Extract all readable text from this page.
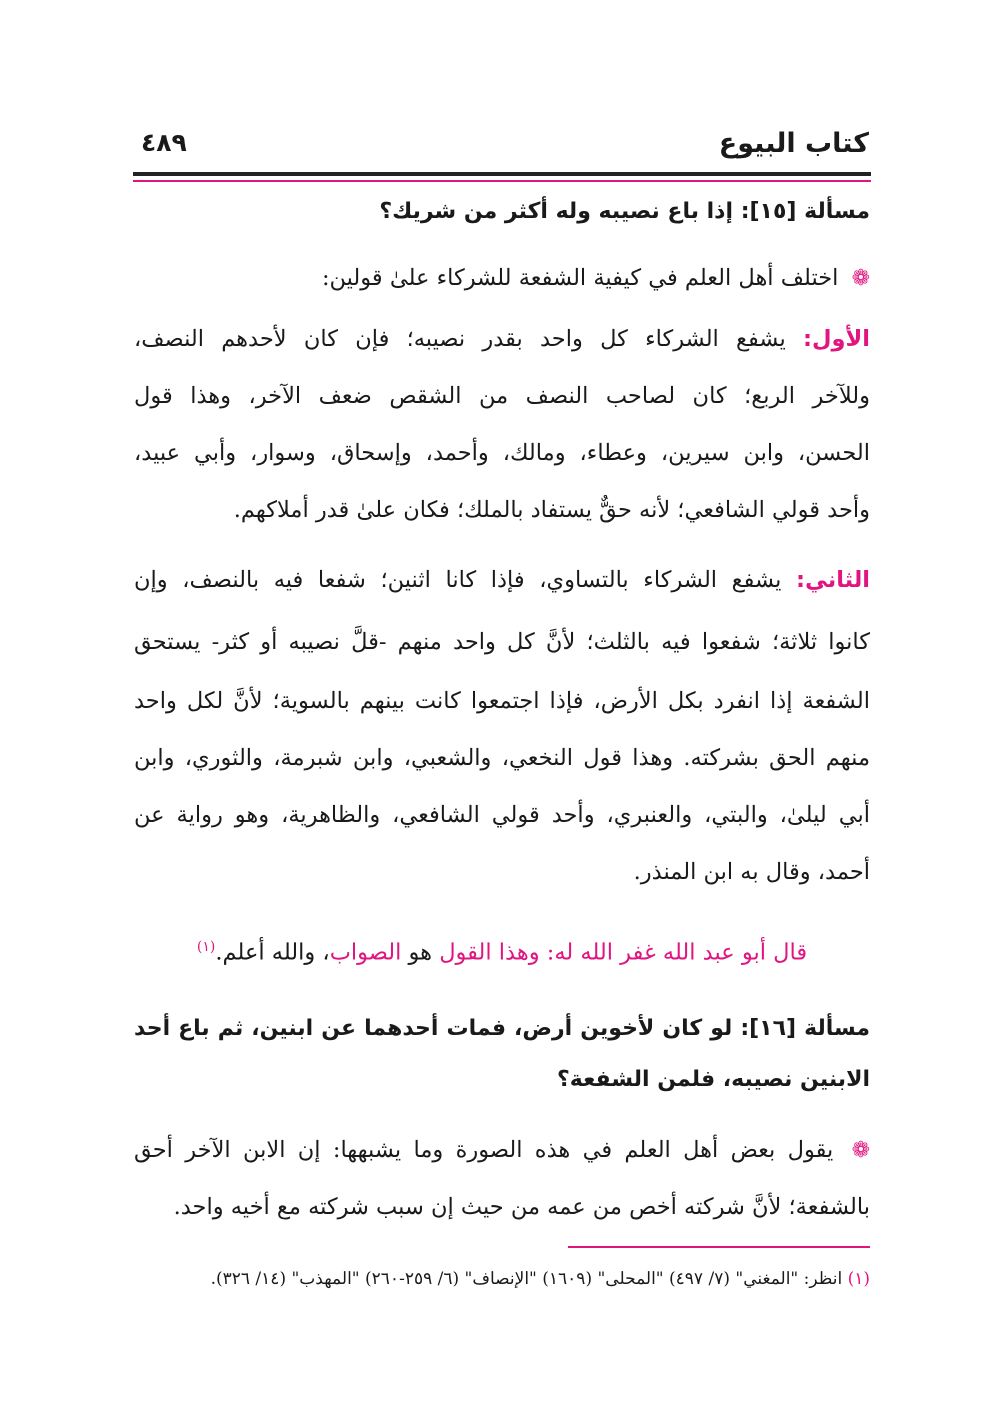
كتاب البيوع
٤٨٩
مسألة [١٥]: إذا باع نصيبه وله أكثر من شريك؟
❁ اختلف أهل العلم في كيفية الشفعة للشركاء علىٰ قولين:
الأول: يشفع الشركاء كل واحد بقدر نصيبه؛ فإن كان لأحدهم النصف،
وللآخر الربع؛ كان لصاحب النصف من الشقص ضعف الآخر، وهذا قول
الحسن، وابن سيرين، وعطاء، ومالك، وأحمد، وإسحاق، وسوار، وأبي عبيد،
وأحد قولي الشافعي؛ لأنه حقٌّ يستفاد بالملك؛ فكان علىٰ قدر أملاكهم.
الثاني: يشفع الشركاء بالتساوي، فإذا كانا اثنين؛ شفعا فيه بالنصف، وإن
كانوا ثلاثة؛ شفعوا فيه بالثلث؛ لأنَّ كل واحد منهم -قلَّ نصيبه أو كثر- يستحق
الشفعة إذا انفرد بكل الأرض، فإذا اجتمعوا كانت بينهم بالسوية؛ لأنَّ لكل واحد
منهم الحق بشركته. وهذا قول النخعي، والشعبي، وابن شبرمة، والثوري، وابن
أبي ليلىٰ، والبتي، والعنبري، وأحد قولي الشافعي، والظاهرية، وهو رواية عن
أحمد، وقال به ابن المنذر.
قال أبو عبد الله غفر الله له: وهذا القول هو الصواب، والله أعلم.$^{(١)}$
مسألة [١٦]: لو كان لأخوين أرض، فمات أحدهما عن ابنين، ثم باع أحد
الابنين نصيبه، فلمن الشفعة؟
❁ يقول بعض أهل العلم في هذه الصورة وما يشبهها: إن الابن الآخر أحق
بالشفعة؛ لأنَّ شركته أخص من عمه من حيث إن سبب شركته مع أخيه واحد.
(١) انظر: "المغني" (٧/ ٤٩٧) "المحلى" (١٦٠٩) "الإنصاف" (٦/ ٢٥٩-٢٦٠) "المهذب" (١٤/ ٣٢٦).
